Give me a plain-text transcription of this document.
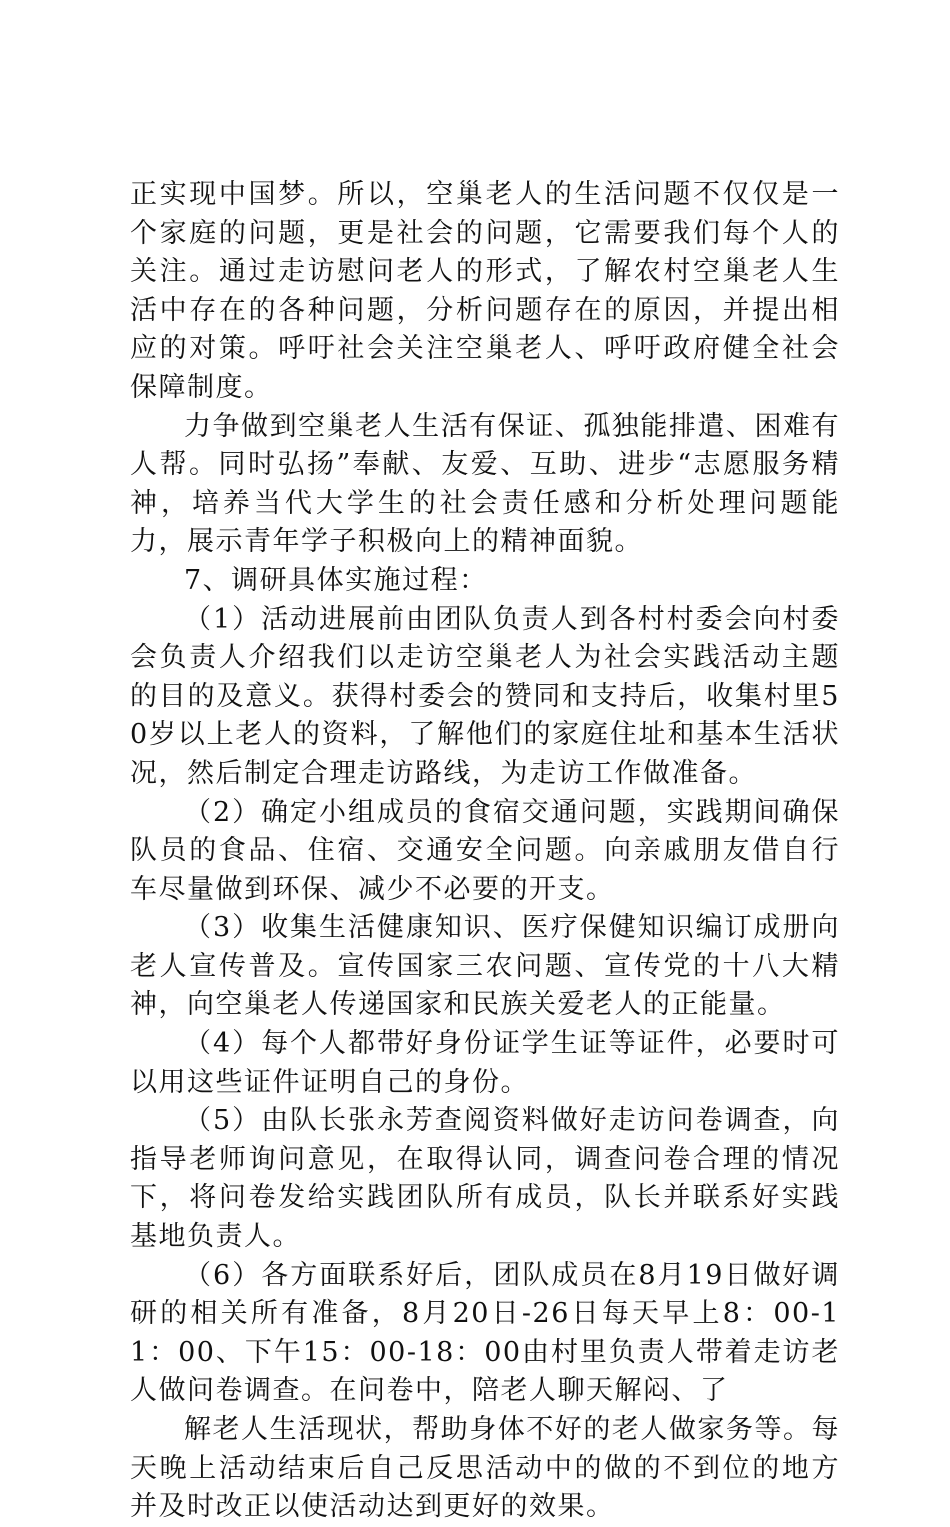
正实现中国梦。所以，空巢老人的生活问题不仅仅是一个家庭的问题，更是社会的问题，它需要我们每个人的关注。通过走访慰问老人的形式，了解农村空巢老人生活中存在的各种问题，分析问题存在的原因，并提出相应的对策。呼吁社会关注空巢老人、呼吁政府健全社会保障制度。

力争做到空巢老人生活有保证、孤独能排遣、困难有人帮。同时弘扬”奉献、友爱、互助、进步“志愿服务精神，培养当代大学生的社会责任感和分析处理问题能力，展示青年学子积极向上的精神面貌。

7、调研具体实施过程：

（1）活动进展前由团队负责人到各村村委会向村委会负责人介绍我们以走访空巢老人为社会实践活动主题的目的及意义。获得村委会的赞同和支持后，收集村里50岁以上老人的资料，了解他们的家庭住址和基本生活状况，然后制定合理走访路线，为走访工作做准备。

（2）确定小组成员的食宿交通问题，实践期间确保队员的食品、住宿、交通安全问题。向亲戚朋友借自行车尽量做到环保、减少不必要的开支。

（3）收集生活健康知识、医疗保健知识编订成册向老人宣传普及。宣传国家三农问题、宣传党的十八大精神，向空巢老人传递国家和民族关爱老人的正能量。

（4）每个人都带好身份证学生证等证件，必要时可以用这些证件证明自己的身份。

（5）由队长张永芳查阅资料做好走访问卷调查，向指导老师询问意见，在取得认同，调查问卷合理的情况下，将问卷发给实践团队所有成员，队长并联系好实践基地负责人。

（6）各方面联系好后，团队成员在8月19日做好调研的相关所有准备，8月20日-26日每天早上8：00-11：00、下午15：00-18：00由村里负责人带着走访老人做问卷调查。在问卷中，陪老人聊天解闷、了

解老人生活现状，帮助身体不好的老人做家务等。每天晚上活动结束后自己反思活动中的做的不到位的地方并及时改正以使活动达到更好的效果。
